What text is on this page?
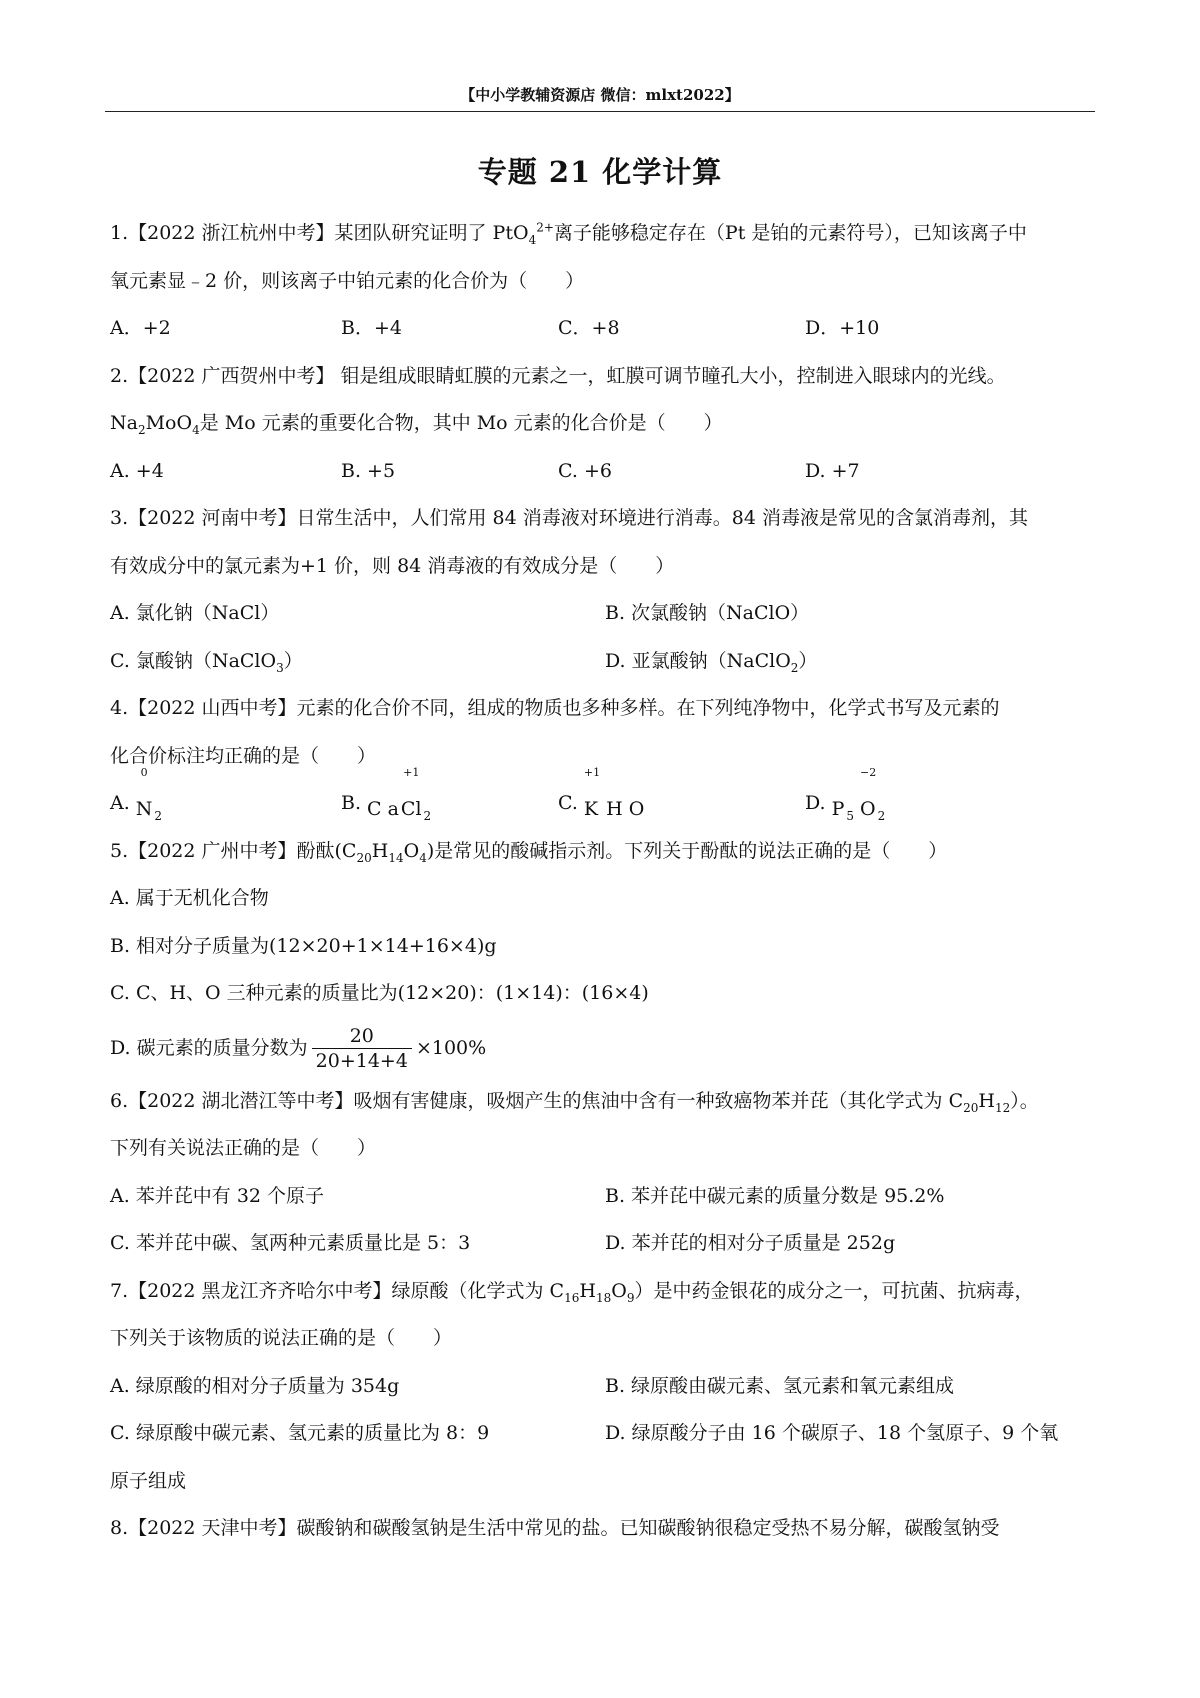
【中小学教辅资源店 微信：mlxt2022】
专题 21 化学计算
1.【2022 浙江杭州中考】某团队研究证明了 PtO$_4^{2+}$离子能够稳定存在（Pt 是铂的元素符号），已知该离子中
氧元素显﹣2 价，则该离子中铂元素的化合价为（　　）
A．+2	B．+4	C．+8	D．+10
2.【2022 广西贺州中考】 钼是组成眼睛虹膜的元素之一，虹膜可调节瞳孔大小，控制进入眼球内的光线。
$Na_2MoO_4$是 Mo 元素的重要化合物，其中 Mo 元素的化合价是（　　）
A. +4	B. +5	C. +6	D. +7
3.【2022 河南中考】日常生活中，人们常用 84 消毒液对环境进行消毒。84 消毒液是常见的含氯消毒剂，其
有效成分中的氯元素为+1 价，则 84 消毒液的有效成分是（　　）
A. 氯化钠（NaCl）	B. 次氯酸钠（NaClO）
C. 氯酸钠（NaClO$_3$）	D. 亚氯酸钠（NaClO$_2$）
4.【2022 山西中考】元素的化合价不同，组成的物质也多种多样。在下列纯净物中，化学式书写及元素的
化合价标注均正确的是（　　）
A.
0
N $_2$
B. C a
+1
Cl $_2$
C.
+1
K H O	D. P $_5$
−2
O $_2$
5.【2022 广州中考】酚酞$(C_{20}H_{14}O_4)$是常见的酸碱指示剂。下列关于酚酞的说法正确的是（　　）
A. 属于无机化合物
B. 相对分子质量为(12×20+1×14+16×4)g
C. C、H、O 三种元素的质量比为(12×20)：(1×14)：(16×4)
D. 碳元素的质量分数为 $\frac{20}{20+14+4} \times 100\%$
6.【2022 湖北潜江等中考】吸烟有害健康，吸烟产生的焦油中含有一种致癌物苯并芘（其化学式为 $C_{20}H_{12}$）。
下列有关说法正确的是（　　）
A. 苯并芘中有 32 个原子	B. 苯并芘中碳元素的质量分数是 95.2%
C. 苯并芘中碳、氢两种元素质量比是 5：3	D. 苯并芘的相对分子质量是 252g
7.【2022 黑龙江齐齐哈尔中考】绿原酸（化学式为 $C_{16}H_{18}O_9$）是中药金银花的成分之一，可抗菌、抗病毒，
下列关于该物质的说法正确的是（　　）
A. 绿原酸的相对分子质量为 354g	B. 绿原酸由碳元素、氢元素和氧元素组成
C. 绿原酸中碳元素、氢元素的质量比为 8：9	D. 绿原酸分子由 16 个碳原子、18 个氢原子、9 个氧
原子组成
8.【2022 天津中考】碳酸钠和碳酸氢钠是生活中常见的盐。已知碳酸钠很稳定受热不易分解，碳酸氢钠受
